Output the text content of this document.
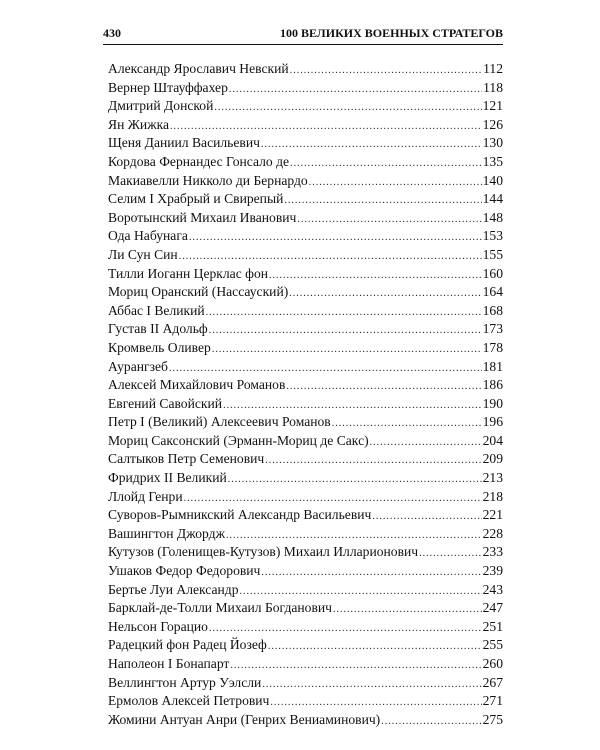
430	100 ВЕЛИКИХ ВОЕННЫХ СТРАТЕГОВ
Александр Ярославич Невский .....	112
Вернер Штауффахер .....	118
Дмитрий Донской .....	121
Ян Жижка .....	126
Щеня Даниил Васильевич .....	130
Кордова Фернандес Гонсало де .....	135
Макиавелли Никколо ди Бернардо .....	140
Селим I Храбрый и Свирепый .....	144
Воротынский Михаил Иванович .....	148
Ода Набунага .....	153
Ли Сун Син .....	155
Тилли Иоганн Церклас фон .....	160
Мориц Оранский (Нассауский) .....	164
Аббас I Великий .....	168
Густав II Адольф .....	173
Кромвель Оливер .....	178
Аурангзеб .....	181
Алексей Михайлович Романов .....	186
Евгений Савойский .....	190
Петр I (Великий) Алексеевич Романов .....	196
Мориц Саксонский (Эрманн-Мориц де Сакс) .....	204
Салтыков Петр Семенович .....	209
Фридрих II Великий .....	213
Ллойд Генри .....	218
Суворов-Рымникский Александр Васильевич .....	221
Вашингтон Джордж .....	228
Кутузов (Голенищев-Кутузов) Михаил Илларионович .....	233
Ушаков Федор Федорович .....	239
Бертье Луи Александр .....	243
Барклай-де-Толли Михаил Богданович .....	247
Нельсон Горацио .....	251
Радецкий фон Радец Йозеф .....	255
Наполеон I Бонапарт .....	260
Веллингтон Артур Уэлсли .....	267
Ермолов Алексей Петрович .....	271
Жомини Антуан Анри (Генрих Вениаминович) .....	275
